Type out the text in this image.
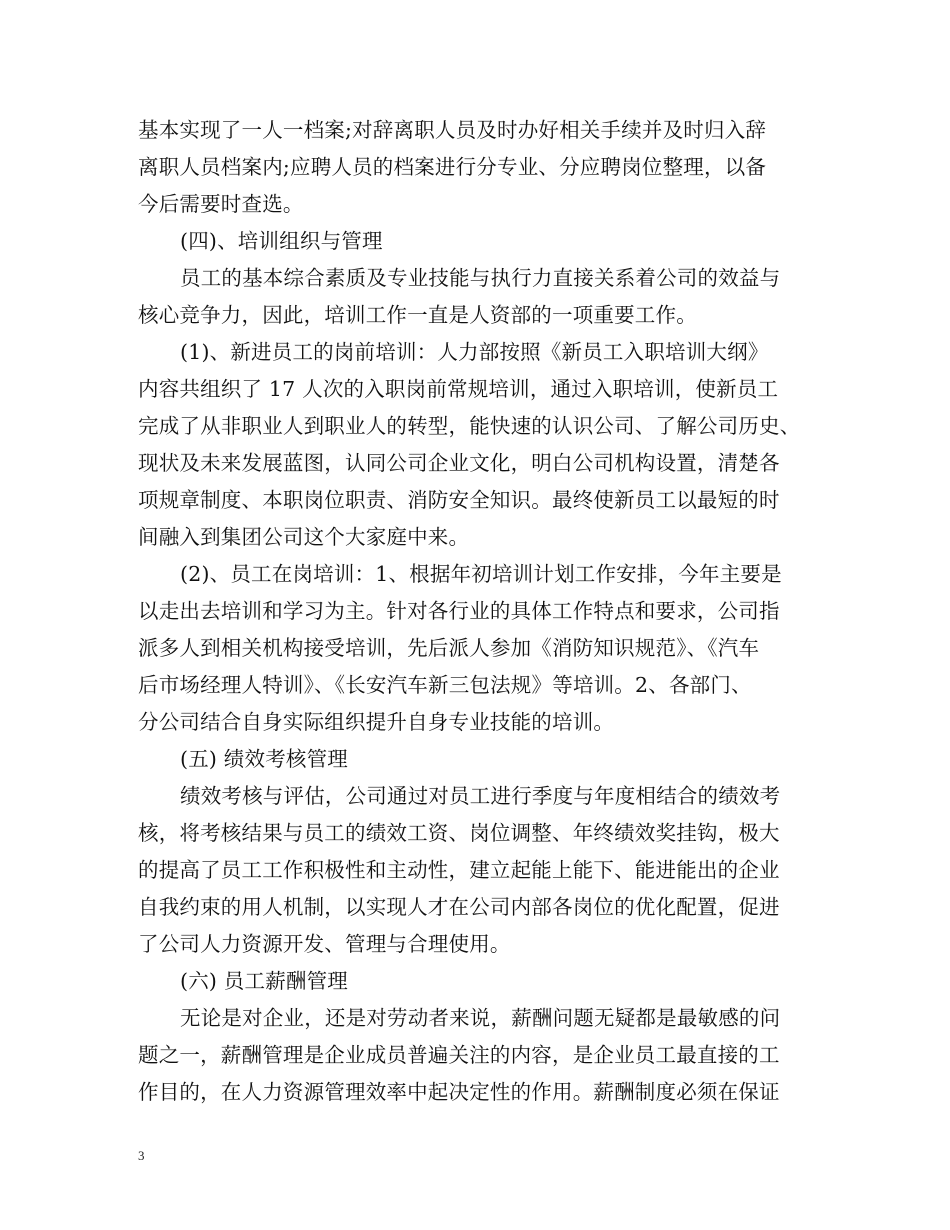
基本实现了一人一档案;对辞离职人员及时办好相关手续并及时归入辞
离职人员档案内;应聘人员的档案进行分专业、分应聘岗位整理，以备
今后需要时查选。

(四)、培训组织与管理

员工的基本综合素质及专业技能与执行力直接关系着公司的效益与
核心竞争力，因此，培训工作一直是人资部的一项重要工作。

(1)、新进员工的岗前培训：人力部按照《新员工入职培训大纲》
内容共组织了 17 人次的入职岗前常规培训，通过入职培训，使新员工
完成了从非职业人到职业人的转型，能快速的认识公司、了解公司历史、
现状及未来发展蓝图，认同公司企业文化，明白公司机构设置，清楚各
项规章制度、本职岗位职责、消防安全知识。最终使新员工以最短的时
间融入到集团公司这个大家庭中来。

(2)、员工在岗培训：1、根据年初培训计划工作安排，今年主要是
以走出去培训和学习为主。针对各行业的具体工作特点和要求，公司指
派多人到相关机构接受培训，先后派人参加《消防知识规范》、《汽车
后市场经理人特训》、《长安汽车新三包法规》等培训。2、各部门、
分公司结合自身实际组织提升自身专业技能的培训。

(五) 绩效考核管理

绩效考核与评估，公司通过对员工进行季度与年度相结合的绩效考
核，将考核结果与员工的绩效工资、岗位调整、年终绩效奖挂钩，极大
的提高了员工工作积极性和主动性，建立起能上能下、能进能出的企业
自我约束的用人机制，以实现人才在公司内部各岗位的优化配置，促进
了公司人力资源开发、管理与合理使用。

(六) 员工薪酬管理

无论是对企业，还是对劳动者来说，薪酬问题无疑都是最敏感的问
题之一，薪酬管理是企业成员普遍关注的内容，是企业员工最直接的工
作目的，在人力资源管理效率中起决定性的作用。薪酬制度必须在保证

3
